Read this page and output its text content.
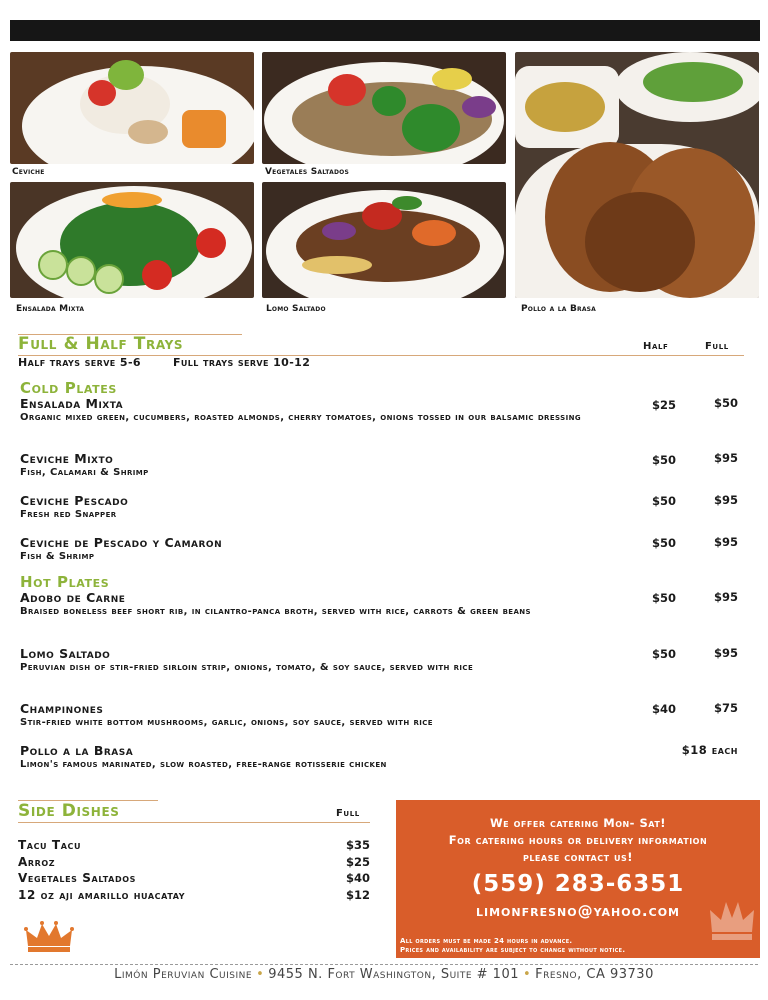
Ceviche	Vegetales Saltados
Ensalada Mixta	Lomo Saltado	Pollo a la Brasa
Full & Half Trays	Half	Full
Half trays serve 5-6	Full trays serve 10-12
Cold Plates
Ensalada Mixta
Organic mixed green, cucumbers, roasted almonds, cherry tomatoes, onions tossed in our balsamic dressing
$25	$50
Ceviche Mixto
Fish, Calamari & Shrimp
$50	$95
Ceviche Pescado
Fresh red Snapper
$50	$95
Ceviche de Pescado y Camaron
Fish & Shrimp
$50	$95
Hot Plates
Adobo de Carne
Braised boneless beef short rib, in cilantro-panca broth, served with rice, carrots & green beans
$50	$95
Lomo Saltado
Peruvian dish of stir-fried sirloin strip, onions, tomato, & soy sauce, served with rice
$50	$95
Champinones
Stir-fried white bottom mushrooms, garlic, onions, soy sauce, served with rice
$40	$75
Pollo a la Brasa
Limon's famous marinated, slow roasted, free-range rotisserie chicken
$18 each
Side Dishes	Full
Tacu Tacu	$35
Arroz	$25
Vegetales Saltados	$40
12 oz aji amarillo huacatay	$12
We offer catering Mon- Sat!
For catering hours or delivery information
please contact us!
(559) 283-6351
limonfresno@yahoo.com
All orders must be made 24 hours in advance.
Prices and availability are subject to change without notice.
Limón Peruvian Cuisine • 9455 N. Fort Washington, Suite # 101 • Fresno, CA 93730
